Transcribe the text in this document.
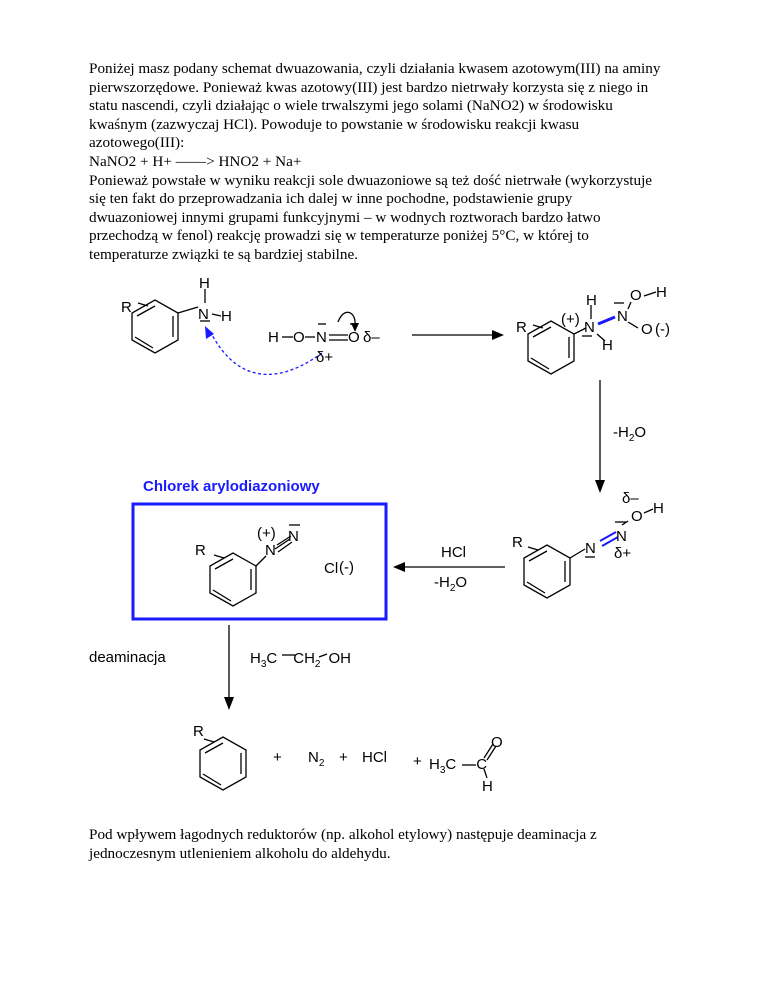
Poniżej masz podany schemat dwuazowania, czyli działania kwasem azotowym(III) na aminy
pierwszorzędowe. Ponieważ kwas azotowy(III) jest bardzo nietrwały korzysta się z niego in
statu nascendi, czyli działając o wiele trwalszymi jego solami (NaNO2) w środowisku
kwaśnym (zazwyczaj HCl). Powoduje to powstanie w środowisku reakcji kwasu
azotowego(III):
NaNO2 + H+ ——> HNO2 + Na+
Ponieważ powstałe w wyniku reakcji sole dwuazoniowe są też dość nietrwałe (wykorzystuje
się ten fakt do przeprowadzania ich dalej w inne pochodne, podstawienie grupy
dwuazoniowej innymi grupami funkcyjnymi – w wodnych roztworach bardzo łatwo
przechodzą w fenol) reakcję prowadzi się w temperaturze poniżej 5°C, w której to
temperaturze związki te są bardziej stabilne.
Chlorek arylodiazoniowy
H
R	N H
H O N O δ–
δ+
H O H
R (+) N
N
O (-)
H
$-H_2O$
δ–
O H
N
R	N δ+
HCl
$-H_2O$
R
(+)
N
N
Cl (-)
deaminacja	$H_3C$ $CH_2$ OH
R
+ $N_2$ + HCl + $H_3C$ C
O
H
Pod wpływem łagodnych reduktorów (np. alkohol etylowy) następuje deaminacja z
jednoczesnym utlenieniem alkoholu do aldehydu.
